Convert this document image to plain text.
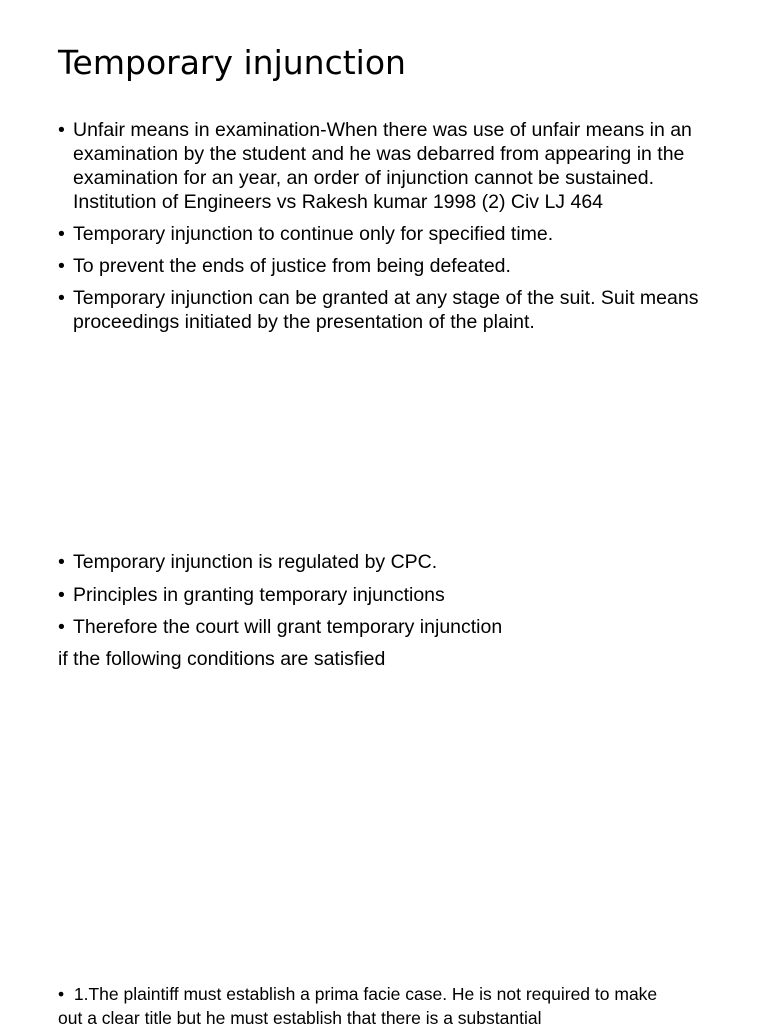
Temporary injunction
• Unfair means in examination-When there was use of unfair means in an examination by the student and he was debarred from appearing in the examination for an year, an order of injunction cannot be sustained. Institution of Engineers vs Rakesh kumar 1998 (2) Civ LJ 464
• Temporary injunction to continue only for specified time.
• To prevent the ends of justice from being defeated.
• Temporary injunction can be granted at any stage of the suit. Suit means proceedings initiated by the presentation of the plaint.
• Temporary injunction is regulated by CPC.
• Principles in granting temporary injunctions
• Therefore the court will grant temporary injunction

if the following conditions are satisfied

•  1.The plaintiff must establish a prima facie case. He is not required to make out a clear title but he must establish that there is a substantial
